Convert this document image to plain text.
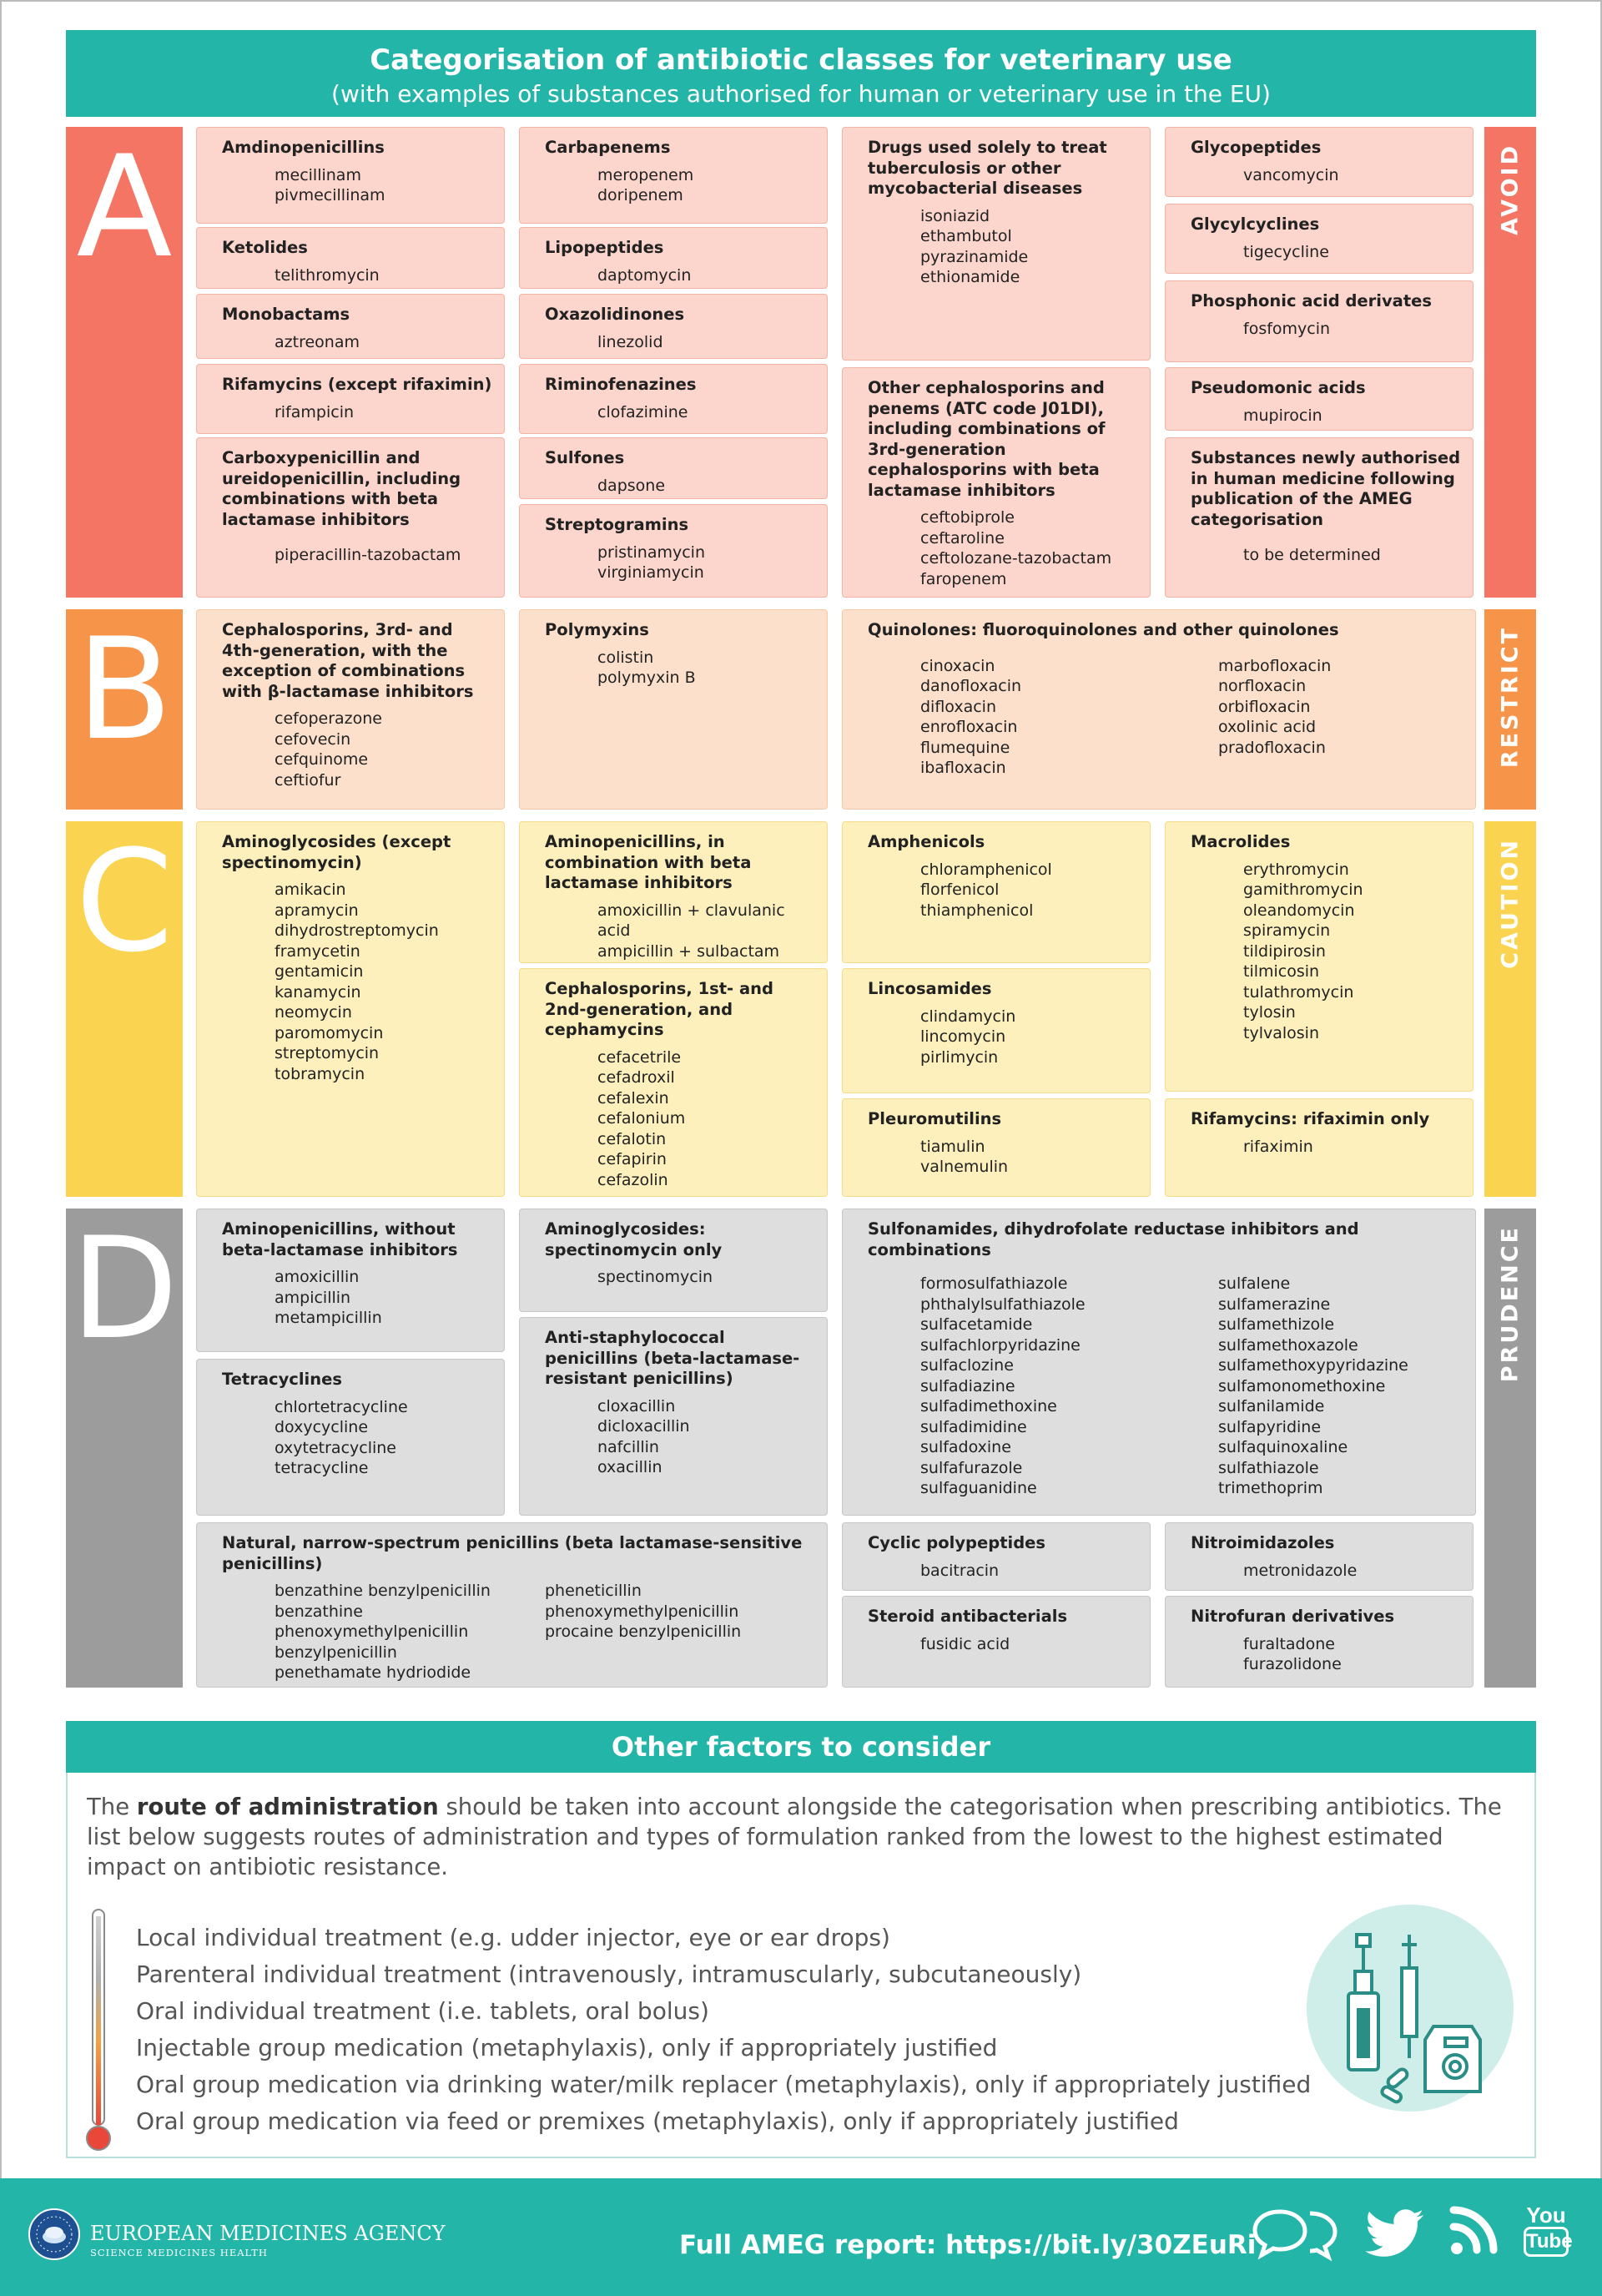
Categorisation of antibiotic classes for veterinary use
(with examples of substances authorised for human or veterinary use in the EU)
A
B
C
D
AVOID
RESTRICT
CAUTION
PRUDENCE
Amdinopenicillins
mecillinam
pivmecillinam
Ketolides
telithromycin
Monobactams
aztreonam
Rifamycins (except rifaximin)
rifampicin
Carboxypenicillin and ureidopenicillin, including combinations with beta lactamase inhibitors
piperacillin-tazobactam
Carbapenems
meropenem
doripenem
Lipopeptides
daptomycin
Oxazolidinones
linezolid
Riminofenazines
clofazimine
Sulfones
dapsone
Streptogramins
pristinamycin
virginiamycin
Drugs used solely to treat tuberculosis or other mycobacterial diseases
isoniazid
ethambutol
pyrazinamide
ethionamide
Other cephalosporins and penems (ATC code J01DI), including combinations of 3rd-generation cephalosporins with beta lactamase inhibitors
ceftobiprole
ceftaroline
ceftolozane-tazobactam
faropenem
Glycopeptides
vancomycin
Glycylcyclines
tigecycline
Phosphonic acid derivates
fosfomycin
Pseudomonic acids
mupirocin
Substances newly authorised in human medicine following publication of the AMEG categorisation
to be determined
Cephalosporins, 3rd- and 4th-generation, with the exception of combinations with β-lactamase inhibitors
cefoperazone
cefovecin
cefquinome
ceftiofur
Polymyxins
colistin
polymyxin B
Quinolones: fluoroquinolones and other quinolones
cinoxacin
danofloxacin
difloxacin
enrofloxacin
flumequine
ibafloxacin
marbofloxacin
norfloxacin
orbifloxacin
oxolinic acid
pradofloxacin
Aminoglycosides (except spectinomycin)
amikacin
apramycin
dihydrostreptomycin
framycetin
gentamicin
kanamycin
neomycin
paromomycin
streptomycin
tobramycin
Aminopenicillins, in combination with beta lactamase inhibitors
amoxicillin + clavulanic acid
ampicillin + sulbactam
Cephalosporins, 1st- and 2nd-generation, and cephamycins
cefacetrile
cefadroxil
cefalexin
cefalonium
cefalotin
cefapirin
cefazolin
Amphenicols
chloramphenicol
florfenicol
thiamphenicol
Lincosamides
clindamycin
lincomycin
pirlimycin
Pleuromutilins
tiamulin
valnemulin
Macrolides
erythromycin
gamithromycin
oleandomycin
spiramycin
tildipirosin
tilmicosin
tulathromycin
tylosin
tylvalosin
Rifamycins: rifaximin only
rifaximin
Aminopenicillins, without beta-lactamase inhibitors
amoxicillin
ampicillin
metampicillin
Tetracyclines
chlortetracycline
doxycycline
oxytetracycline
tetracycline
Aminoglycosides: spectinomycin only
spectinomycin
Anti-staphylococcal penicillins (beta-lactamase-resistant penicillins)
cloxacillin
dicloxacillin
nafcillin
oxacillin
Sulfonamides, dihydrofolate reductase inhibitors and combinations
formosulfathiazole
phthalylsulfathiazole
sulfacetamide
sulfachlorpyridazine
sulfaclozine
sulfadiazine
sulfadimethoxine
sulfadimidine
sulfadoxine
sulfafurazole
sulfaguanidine
sulfalene
sulfamerazine
sulfamethizole
sulfamethoxazole
sulfamethoxypyridazine
sulfamonomethoxine
sulfanilamide
sulfapyridine
sulfaquinoxaline
sulfathiazole
trimethoprim
Natural, narrow-spectrum penicillins (beta lactamase-sensitive penicillins)
benzathine benzylpenicillin
benzathine phenoxymethylpenicillin
benzylpenicillin
penethamate hydriodide
pheneticillin
phenoxymethylpenicillin
procaine benzylpenicillin
Cyclic polypeptides
bacitracin
Steroid antibacterials
fusidic acid
Nitroimidazoles
metronidazole
Nitrofuran derivatives
furaltadone
furazolidone
Other factors to consider

The route of administration should be taken into account alongside the categorisation when prescribing antibiotics. The list below suggests routes of administration and types of formulation ranked from the lowest to the highest estimated impact on antibiotic resistance.

Local individual treatment (e.g. udder injector, eye or ear drops)
Parenteral individual treatment (intravenously, intramuscularly, subcutaneously)
Oral individual treatment (i.e. tablets, oral bolus)
Injectable group medication (metaphylaxis), only if appropriately justified
Oral group medication via drinking water/milk replacer (metaphylaxis), only if appropriately justified
Oral group medication via feed or premixes (metaphylaxis), only if appropriately justified
EUROPEAN MEDICINES AGENCY
SCIENCE MEDICINES HEALTH	Full AMEG report: https://bit.ly/30ZEuRi
You
Tube
